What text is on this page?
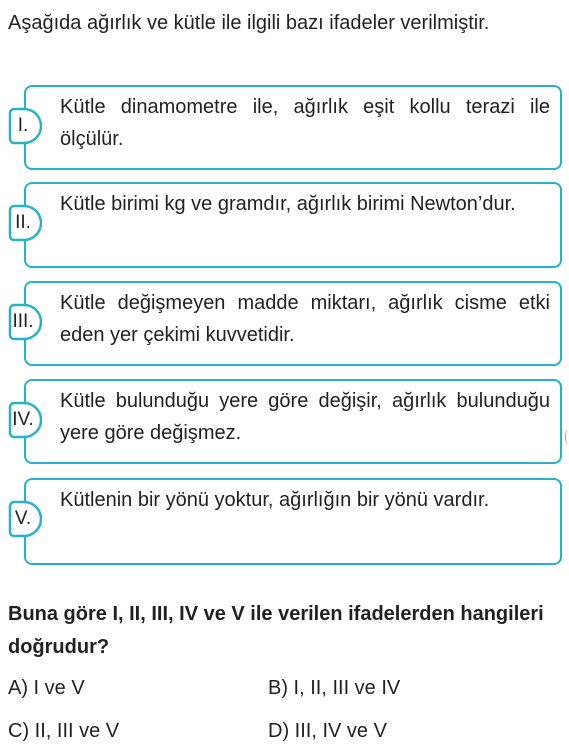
Aşağıda ağırlık ve kütle ile ilgili bazı ifadeler verilmiştir.
I.
Kütle dinamometre ile, ağırlık eşit kollu terazi ile ölçülür.
II.
Kütle birimi kg ve gramdır, ağırlık birimi Newton’dur.
III.
Kütle değişmeyen madde miktarı, ağırlık cisme etki eden yer çekimi kuvvetidir.
IV.
Kütle bulunduğu yere göre değişir, ağırlık bulunduğu yere göre değişmez.
V.
Kütlenin bir yönü yoktur, ağırlığın bir yönü vardır.
Buna göre I, II, III, IV ve V ile verilen ifadelerden hangileri doğrudur?
A) I ve V	B) I, II, III ve IV
C) II, III ve V	D) III, IV ve V
